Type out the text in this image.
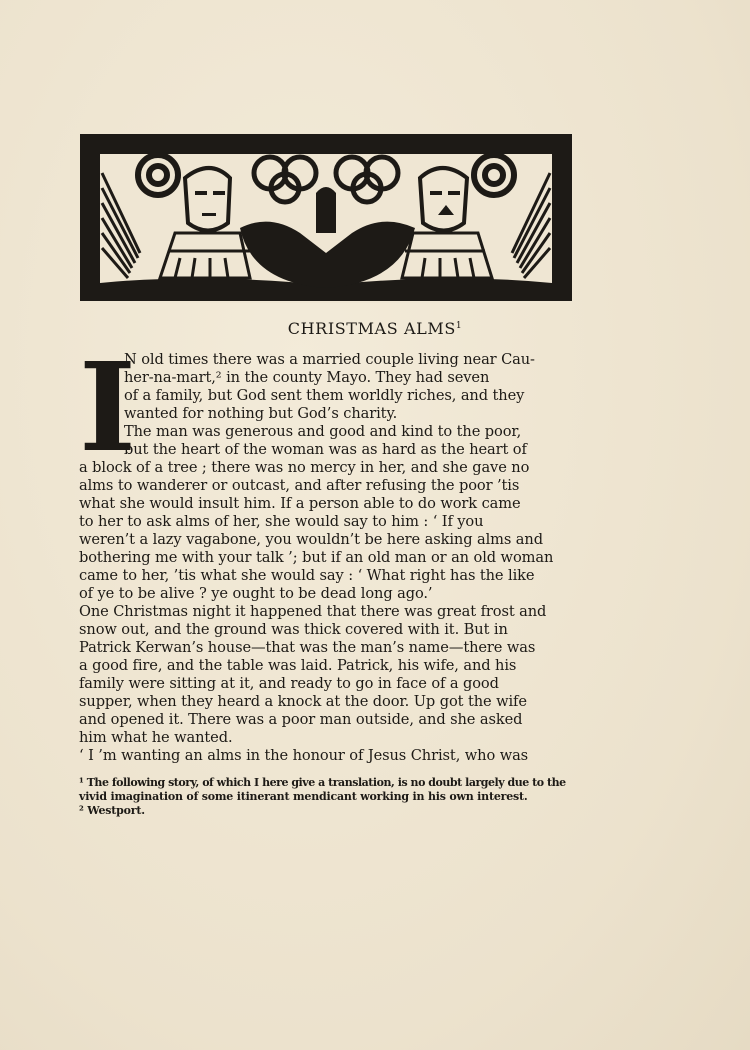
CHRISTMAS ALMS$^1$
I
N old times there was a married couple living near Cau-
her-na-mart,² in the county Mayo. They had seven
of a family, but God sent them worldly riches, and they
wanted for nothing but God’s charity.
The man was generous and good and kind to the poor,
but the heart of the woman was as hard as the heart of
a block of a tree ; there was no mercy in her, and she gave no
alms to wanderer or outcast, and after refusing the poor ’tis
what she would insult him. If a person able to do work came
to her to ask alms of her, she would say to him : ‘ If you
weren’t a lazy vagabone, you wouldn’t be here asking alms and
bothering me with your talk ’; but if an old man or an old woman
came to her, ’tis what she would say : ‘ What right has the like
of ye to be alive ? ye ought to be dead long ago.’
One Christmas night it happened that there was great frost and
snow out, and the ground was thick covered with it. But in
Patrick Kerwan’s house—that was the man’s name—there was
a good fire, and the table was laid. Patrick, his wife, and his
family were sitting at it, and ready to go in face of a good
supper, when they heard a knock at the door. Up got the wife
and opened it. There was a poor man outside, and she asked
him what he wanted.
‘ I ’m wanting an alms in the honour of Jesus Christ, who was
¹ The following story, of which I here give a translation, is no doubt largely due to the
vivid imagination of some itinerant mendicant working in his own interest.
² Westport.
